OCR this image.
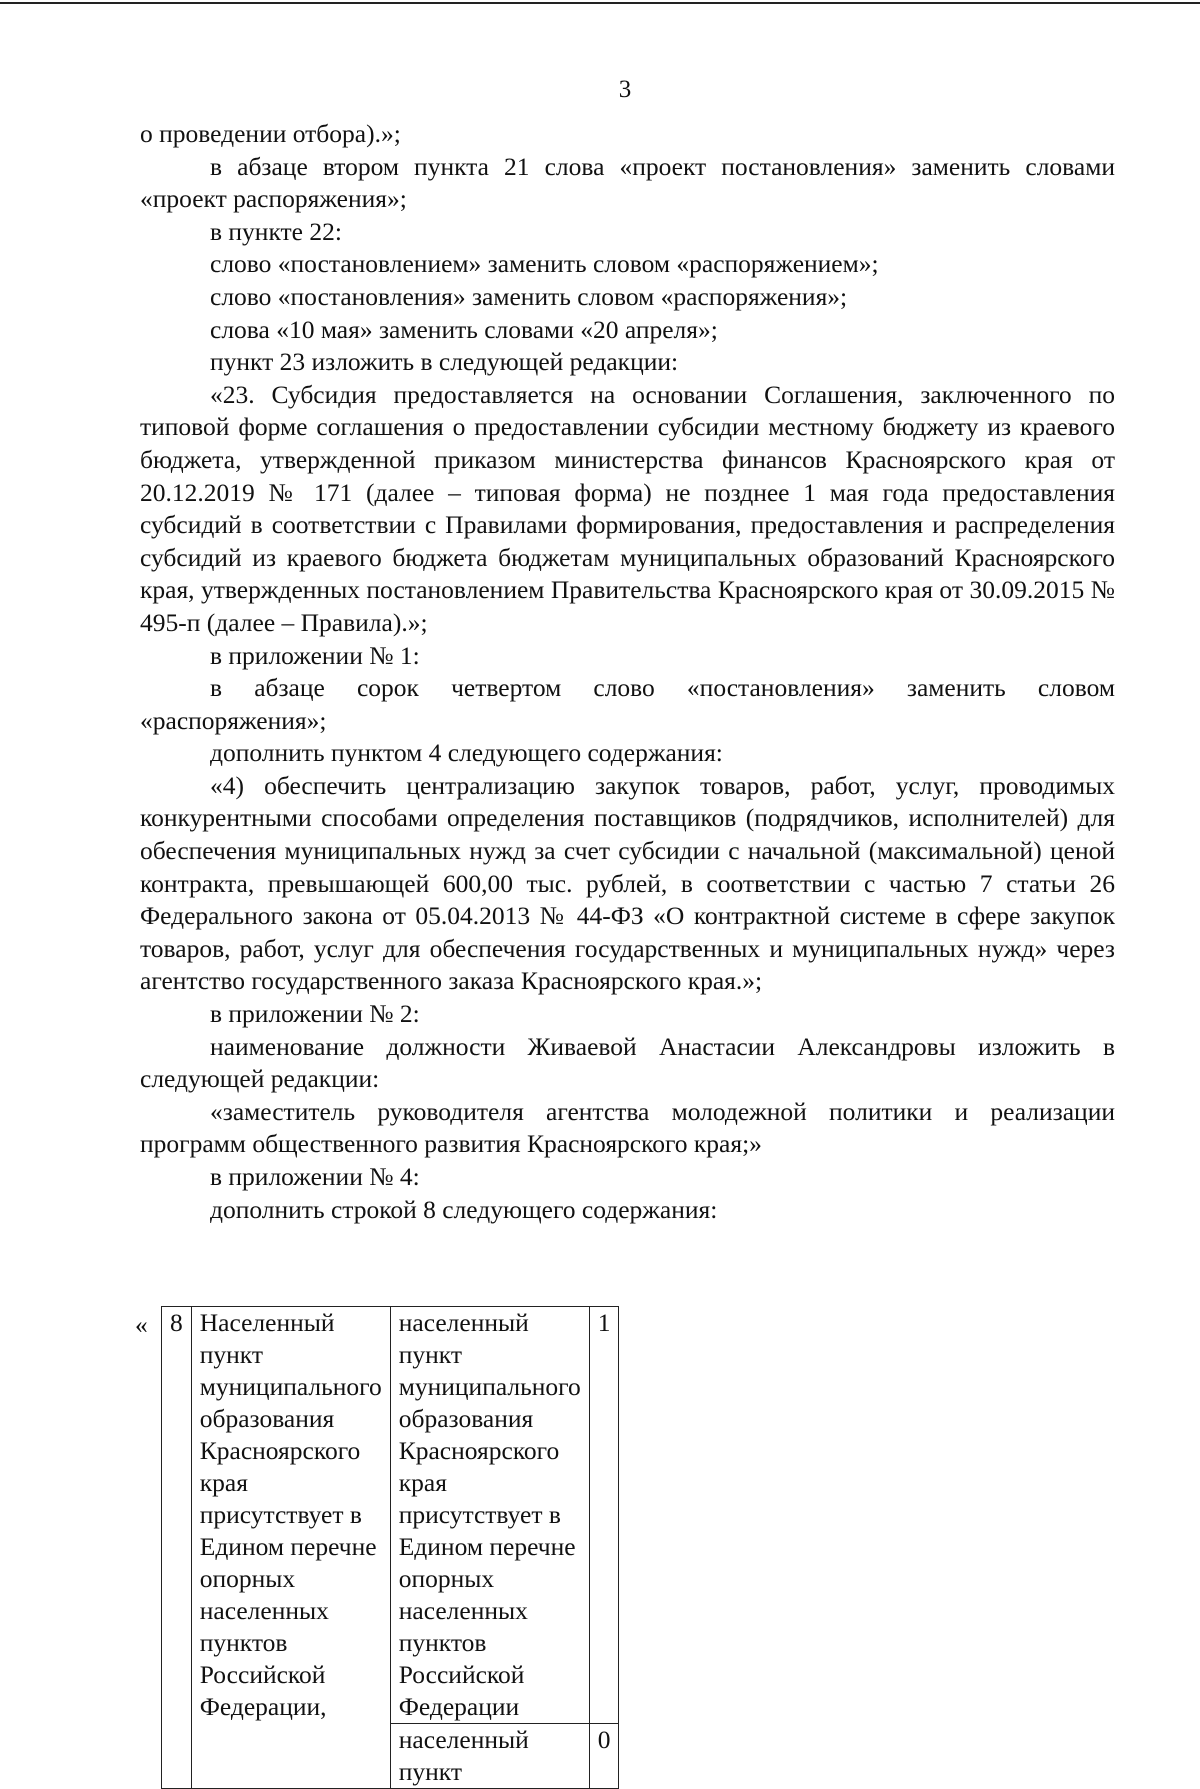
3

о проведении отбора).»;

в абзаце втором пункта 21 слова «проект постановления» заменить словами «проект распоряжения»;

в пункте 22:

слово «постановлением» заменить словом «распоряжением»;

слово «постановления» заменить словом «распоряжения»;

слова «10 мая» заменить словами «20 апреля»;

пункт 23 изложить в следующей редакции:

«23. Субсидия предоставляется на основании Соглашения, заключенного по типовой форме соглашения о предоставлении субсидии местному бюджету из краевого бюджета, утвержденной приказом министерства финансов Красноярского края от 20.12.2019 № 171 (далее – типовая форма) не позднее 1 мая года предоставления субсидий в соответствии с Правилами формирования, предоставления и распределения субсидий из краевого бюджета бюджетам муниципальных образований Красноярского края, утвержденных постановлением Правительства Красноярского края от 30.09.2015 № 495-п (далее – Правила).»;

в приложении № 1:

в абзаце сорок четвертом слово «постановления» заменить словом «распоряжения»;

дополнить пунктом 4 следующего содержания:

«4) обеспечить централизацию закупок товаров, работ, услуг, проводимых конкурентными способами определения поставщиков (подрядчиков, исполнителей) для обеспечения муниципальных нужд за счет субсидии с начальной (максимальной) ценой контракта, превышающей 600,00 тыс. рублей, в соответствии с частью 7 статьи 26 Федерального закона от 05.04.2013 № 44-ФЗ «О контрактной системе в сфере закупок товаров, работ, услуг для обеспечения государственных и муниципальных нужд» через агентство государственного заказа Красноярского края.»;

в приложении № 2:

наименование должности Живаевой Анастасии Александровы изложить в следующей редакции:

«заместитель руководителя агентства молодежной политики и реализации программ общественного развития Красноярского края;»

в приложении № 4:

дополнить строкой 8 следующего содержания:

« 8	Населенный пункт муниципального образования Красноярского края присутствует в Едином перечне опорных населенных пунктов Российской Федерации,	населенный пункт муниципального образования Красноярского края присутствует в Едином перечне опорных населенных пунктов Российской Федерации	1
		населенный пункт	0
